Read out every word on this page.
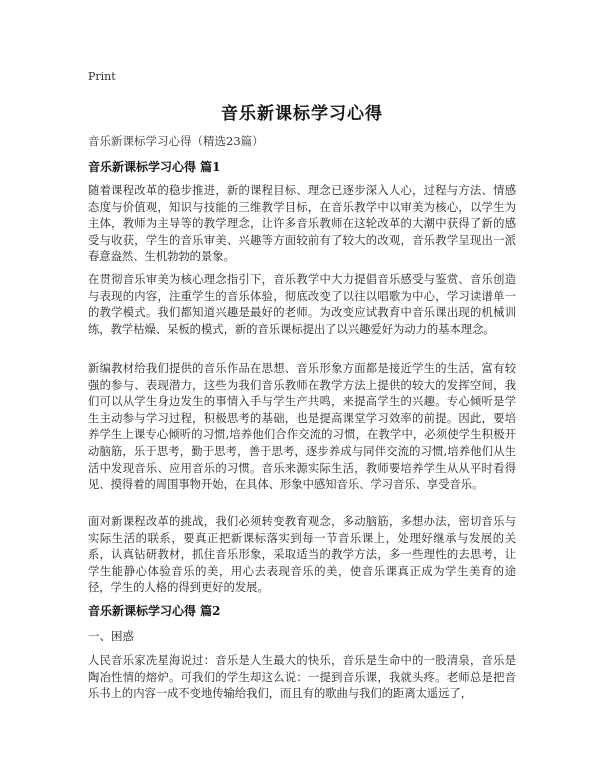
Print
音乐新课标学习心得
音乐新课标学习心得（精选23篇）
音乐新课标学习心得 篇1
随着课程改革的稳步推进，新的课程目标、理念已逐步深入人心，过程与方法、情感态度与价值观，知识与技能的三维教学目标，在音乐教学中以审美为核心，以学生为主体，教师为主导等的教学理念，让许多音乐教师在这轮改革的大潮中获得了新的感受与收获，学生的音乐审美、兴趣等方面较前有了较大的改观，音乐教学呈现出一派春意盎然、生机勃勃的景象。
在贯彻音乐审美为核心理念指引下，音乐教学中大力提倡音乐感受与鉴赏、音乐创造与表现的内容，注重学生的音乐体验，彻底改变了以往以唱歌为中心，学习读谱单一的教学模式。我们都知道兴趣是最好的老师。为改变应试教育中音乐课出现的机械训练，教学枯燥、呆板的模式，新的音乐课标提出了以兴趣爱好为动力的基本理念。
新编教材给我们提供的音乐作品在思想、音乐形象方面都是接近学生的生活，富有较强的参与、表现潜力，这些为我们音乐教师在教学方法上提供的较大的发挥空间，我们可以从学生身边发生的事情入手与学生产共鸣，来提高学生的兴趣。专心倾听是学生主动参与学习过程，积极思考的基础，也是提高课堂学习效率的前提。因此，要培养学生上课专心倾听的习惯,培养他们合作交流的习惯，在教学中，必须使学生积极开动脑筋，乐于思考，勤于思考，善于思考，逐步养成与同伴交流的习惯,培养他们从生活中发现音乐、应用音乐的习惯。音乐来源实际生活，教师要培养学生从从平时看得见、摸得着的周围事物开始，在具体、形象中感知音乐、学习音乐、享受音乐。
面对新课程改革的挑战，我们必须转变教育观念，多动脑筋，多想办法，密切音乐与实际生活的联系，要真正把新课标落实到每一节音乐课上，处理好继承与发展的关系，认真钻研教材，抓住音乐形象，采取适当的教学方法，多一些理性的去思考，让学生能静心体验音乐的美，用心去表现音乐的美，使音乐课真正成为学生美育的途径，学生的人格的得到更好的发展。
音乐新课标学习心得 篇2
一、困惑
人民音乐家冼星海说过：音乐是人生最大的快乐，音乐是生命中的一股清泉，音乐是陶冶性情的熔炉。可我们的学生却这么说：一提到音乐课，我就头疼。老师总是把音乐书上的内容一成不变地传输给我们，而且有的歌曲与我们的距离太遥远了，
